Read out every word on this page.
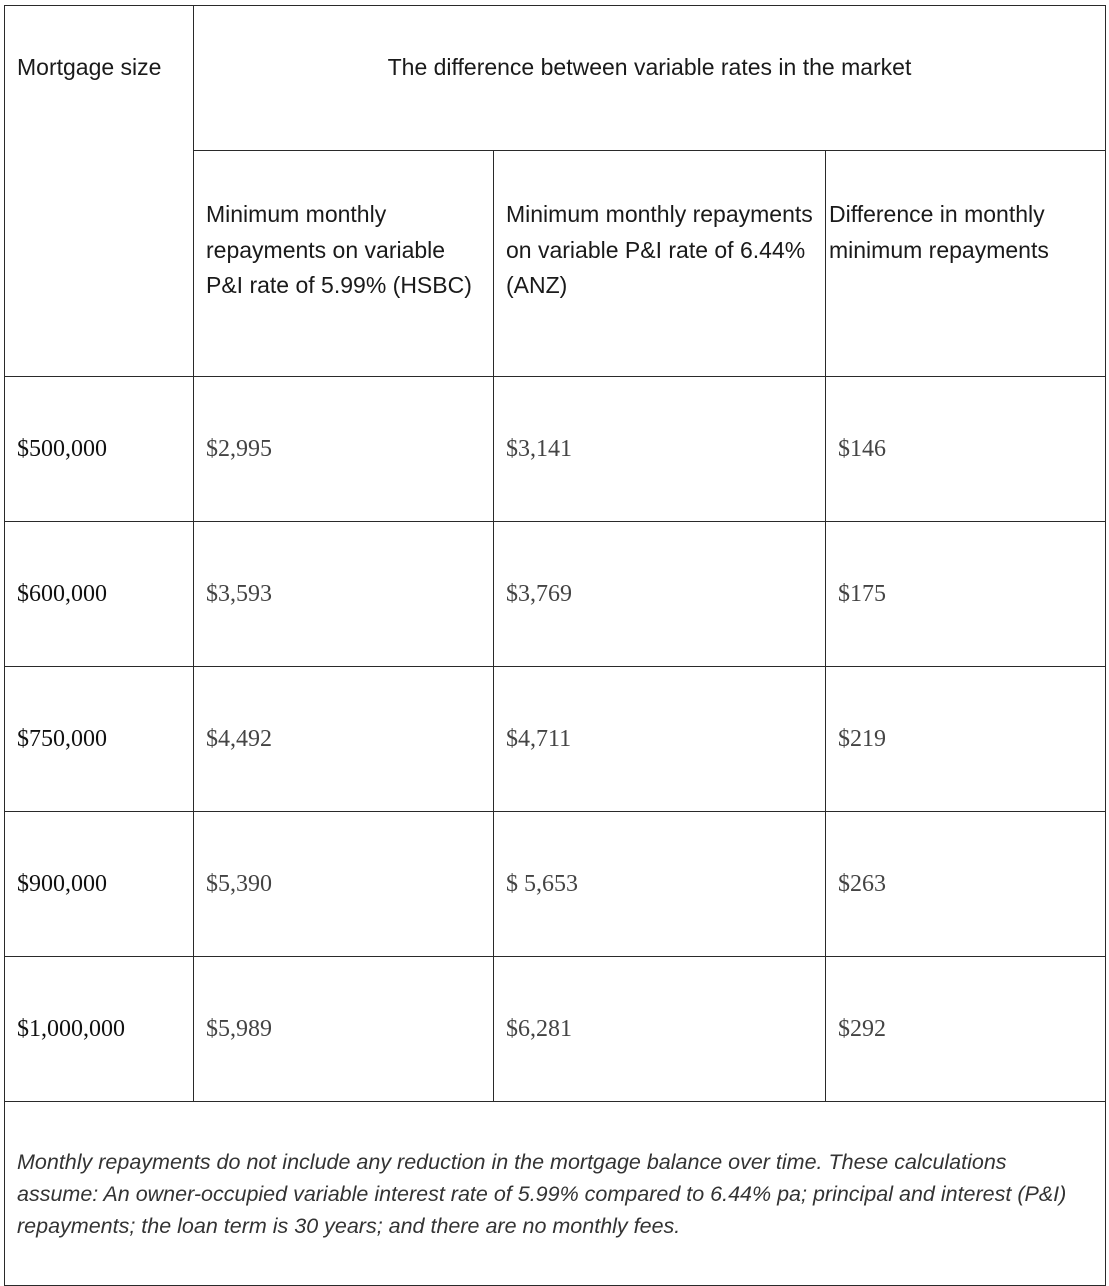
Mortgage size	The difference between variable rates in the market		

	Minimum monthly repayments on variable P&I rate of 5.99% (HSBC)	Minimum monthly repayments on variable P&I rate of 6.44% (ANZ)	Difference in monthly minimum repayments

$500,000	$2,995	$3,141	$146
$600,000	$3,593	$3,769	$175
$750,000	$4,492	$4,711	$219
$900,000	$5,390	$ 5,653	$263
$1,000,000	$5,989	$6,281	$292

Monthly repayments do not include any reduction in the mortgage balance over time. These calculations assume: An owner-occupied variable interest rate of 5.99% compared to 6.44% pa; principal and interest (P&I) repayments; the loan term is 30 years; and there are no monthly fees.			
